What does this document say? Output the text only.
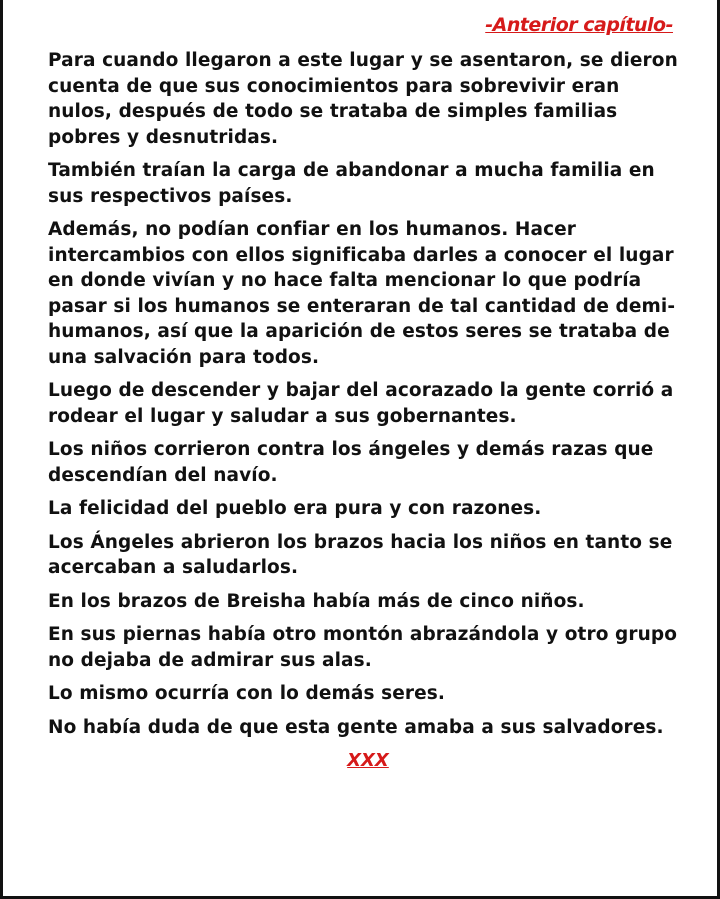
-Anterior capítulo-

Para cuando llegaron a este lugar y se asentaron, se dieron cuenta de que sus conocimientos para sobrevivir eran nulos, después de todo se trataba de simples familias pobres y desnutridas.

También traían la carga de abandonar a mucha familia en sus respectivos países.

Además, no podían confiar en los humanos. Hacer intercambios con ellos significaba darles a conocer el lugar en donde vivían y no hace falta mencionar lo que podría pasar si los humanos se enteraran de tal cantidad de demi-humanos, así que la aparición de estos seres se trataba de una salvación para todos.

Luego de descender y bajar del acorazado la gente corrió a rodear el lugar y saludar a sus gobernantes.

Los niños corrieron contra los ángeles y demás razas que descendían del navío.

La felicidad del pueblo era pura y con razones.

Los Ángeles abrieron los brazos hacia los niños en tanto se acercaban a saludarlos.

En los brazos de Breisha había más de cinco niños.

En sus piernas había otro montón abrazándola y otro grupo no dejaba de admirar sus alas.

Lo mismo ocurría con lo demás seres.

No había duda de que esta gente amaba a sus salvadores.

XXX
